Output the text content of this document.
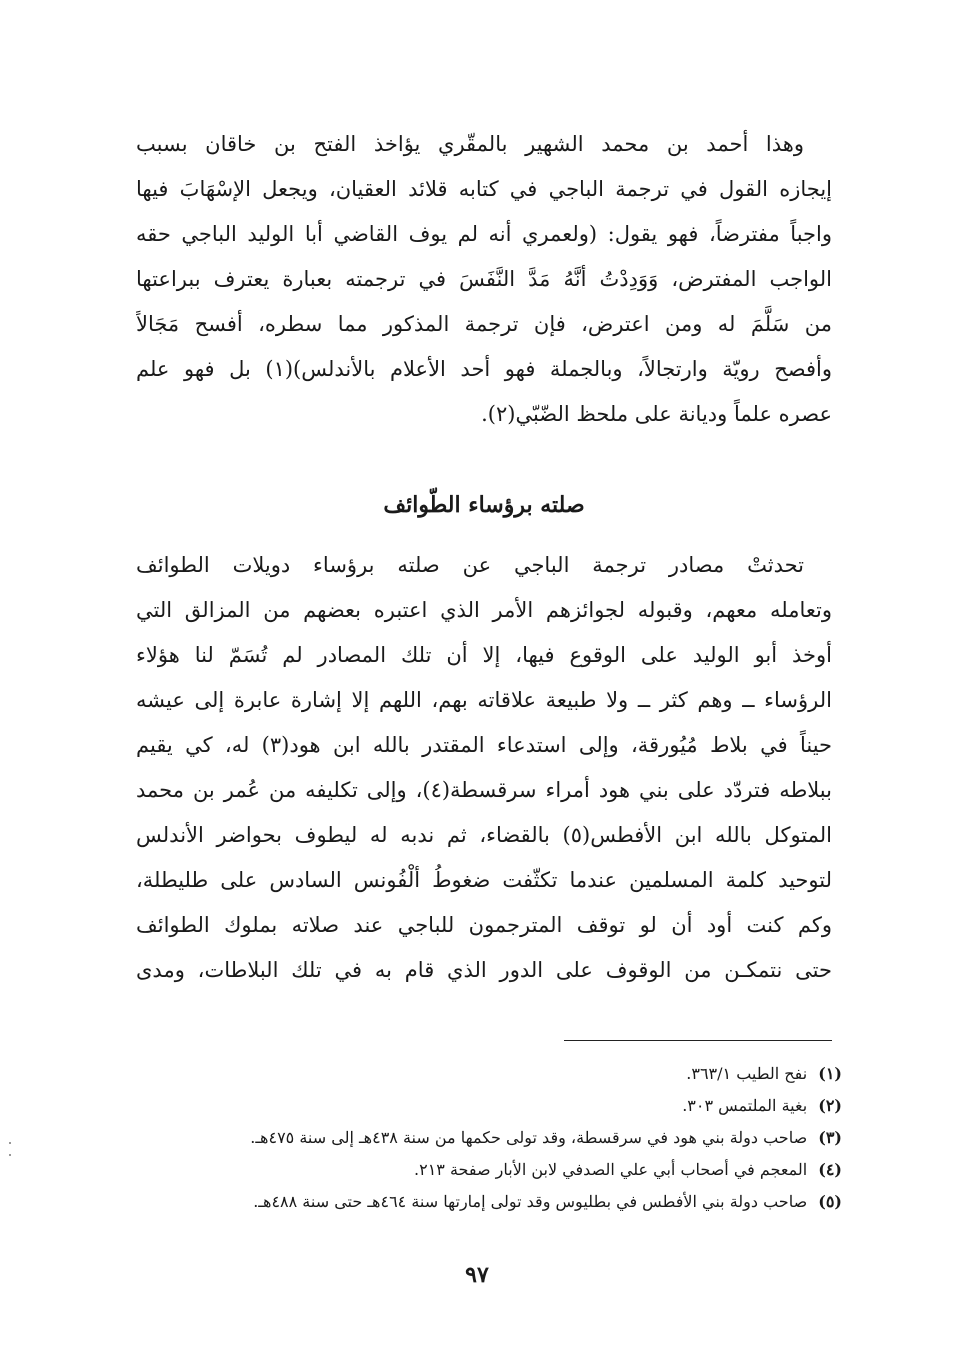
وهذا أحمد بن محمد الشهير بالمقّري يؤاخذ الفتح بن خاقان بسبب
إيجازه القول في ترجمة الباجي في كتابه قلائد العقيان، ويجعل الإسْهَابَ فيها
واجباً مفترضاً، فهو يقول: (ولعمري أنه لم يوف القاضي أبا الوليد الباجي حقه
الواجب المفترض، وَوَدِدْتُ أنَّهُ مَدَّ النَّفَسَ في ترجمته بعبارة يعترف ببراعتها
من سَلَّمَ له ومن اعترض، فإن ترجمة المذكور مما سطره، أفسح مَجَالاً
وأفصح رويّة وارتجالاً، وبالجملة فهو أحد الأعلام بالأندلس)(١) بل فهو علم
عصره علماً وديانة على ملحظ الضّبّي(٢).
صلته برؤساء الطّوائف
تحدثتْ مصادر ترجمة الباجي عن صلته برؤساء دويلات الطوائف
وتعامله معهم، وقبوله لجوائزهم الأمر الذي اعتبره بعضهم من المزالق التي
أوخذ أبو الوليد على الوقوع فيها، إلا أن تلك المصادر لم تُسَمّ لنا هؤلاء
الرؤساء ــ وهم كثر ــ ولا طبيعة علاقاته بهم، اللهم إلا إشارة عابرة إلى عيشه
حيناً في بلاط مُيُورقة، وإلى استدعاء المقتدر بالله ابن هود(٣) له، كي يقيم
ببلاطه فتردّد على بني هود أمراء سرقسطة(٤)، وإلى تكليفه من عُمر بن محمد
المتوكل بالله ابن الأفطس(٥) بالقضاء، ثم ندبه له ليطوف بحواضر الأندلس
لتوحيد كلمة المسلمين عندما تكثّفت ضغوطُ ألْفُونس السادس على طليطلة،
وكم كنت أود أن لو توقف المترجمون للباجي عند صلاته بملوك الطوائف
حتى نتمكـن من الوقوف على الدور الذي قام به في تلك البلاطات، ومدى
(١) نفح الطيب ٣٦٣/١.
(٢) بغية الملتمس ٣٠٣.
(٣) صاحب دولة بني هود في سرقسطة، وقد تولى حكمها من سنة ٤٣٨هـ إلى سنة ٤٧٥هـ.
(٤) المعجم في أصحاب أبي علي الصدفي لابن الأبار صفحة ٢١٣.
(٥) صاحب دولة بني الأفطس في بطليوس وقد تولى إمارتها سنة ٤٦٤هـ حتى سنة ٤٨٨هـ.
٩٧
